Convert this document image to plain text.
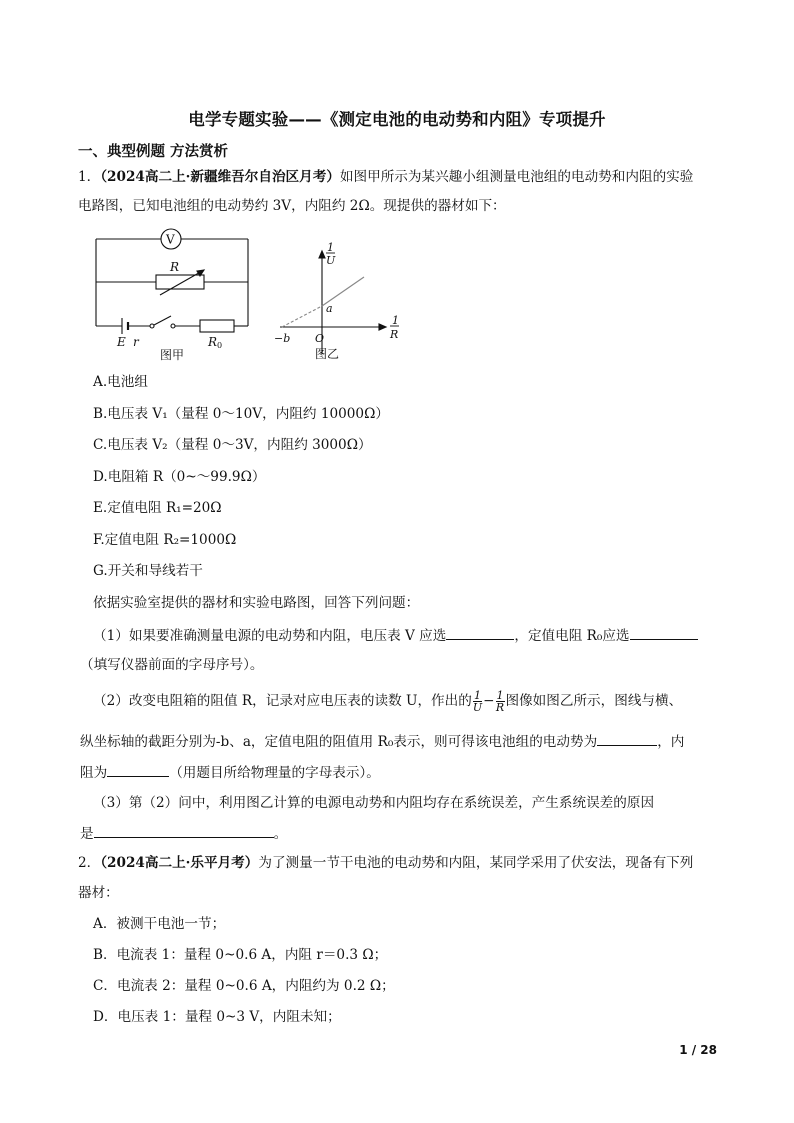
电学专题实验——《测定电池的电动势和内阻》专项提升
一、典型例题 方法赏析
1．（2024高二上·新疆维吾尔自治区月考）如图甲所示为某兴趣小组测量电池组的电动势和内阻的实验
电路图，已知电池组的电动势约 3V，内阻约 2Ω。现提供的器材如下：
V
R
E r	R0
图甲
1
U
1
R
a
−b O
图乙
A.电池组
B.电压表 V₁（量程 0～10V，内阻约 10000Ω）
C.电压表 V₂（量程 0～3V，内阻约 3000Ω）
D.电阻箱 R（0~～99.9Ω）
E.定值电阻 R₁=20Ω
F.定值电阻 R₂=1000Ω
G.开关和导线若干
依据实验室提供的器材和实验电路图，回答下列问题：
（1）如果要准确测量电源的电动势和内阻，电压表 V 应选	，定值电阻 R₀应选
（填写仪器前面的字母序号）。
（2）改变电阻箱的阻值 R，记录对应电压表的读数 U，作出的 $\frac{1}{U} - \frac{1}{R}$ 图像如图乙所示，图线与横、
纵坐标轴的截距分别为-b、a，定值电阻的阻值用 R₀表示，则可得该电池组的电动势为	，内
阻为	（用题目所给物理量的字母表示）。
（3）第（2）问中，利用图乙计算的电源电动势和内阻均存在系统误差，产生系统误差的原因
是	。
2．（2024高二上·乐平月考）为了测量一节干电池的电动势和内阻，某同学采用了伏安法，现备有下列
器材：
A．被测干电池一节；
B．电流表 1：量程 0~0.6 A，内阻 r＝0.3 Ω；
C．电流表 2：量程 0~0.6 A，内阻约为 0.2 Ω；
D．电压表 1：量程 0~3 V，内阻未知；
1 / 28
